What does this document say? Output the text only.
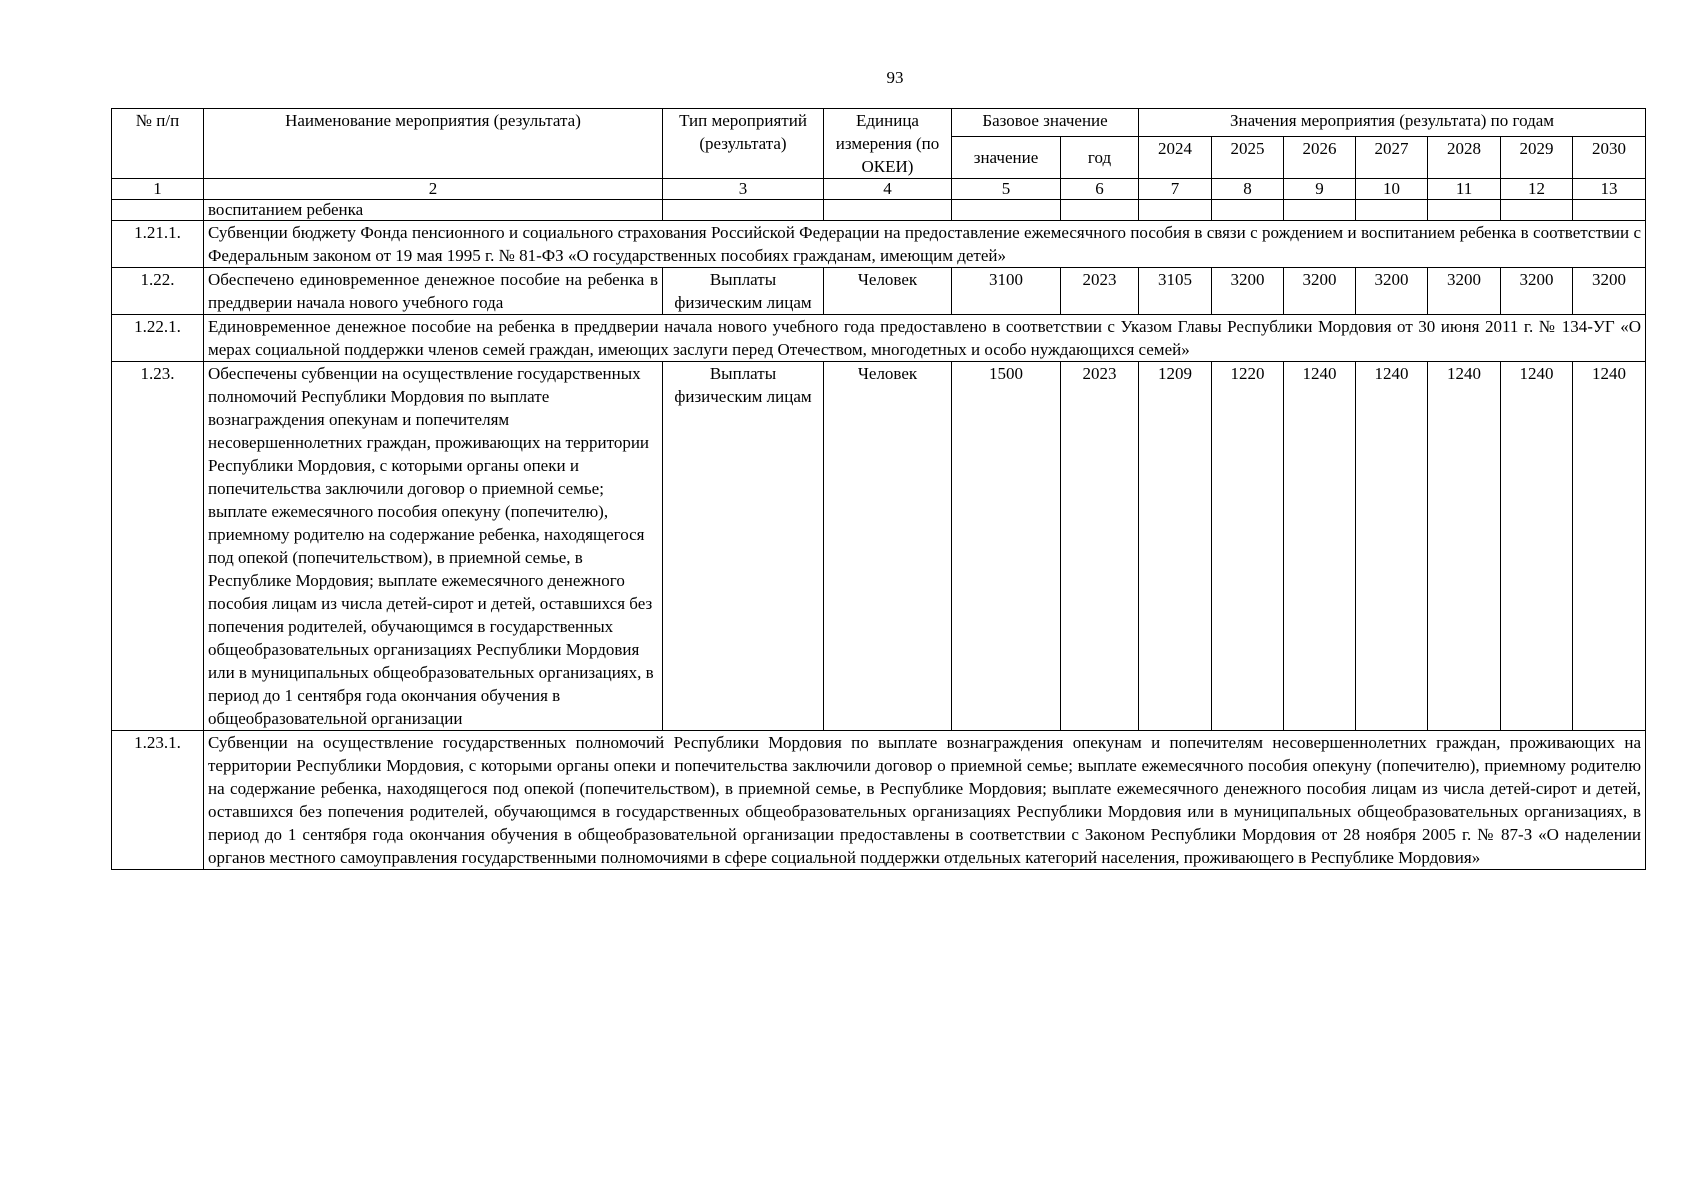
93
№ п/п	Наименование мероприятия (результата)	Тип мероприятий (результата)	Единица измерения (по ОКЕИ)	Базовое значение		Значения мероприятия (результата) по годам						
				значение	год	2024	2025	2026	2027	2028	2029	2030
1	2	3	4	5	6	7	8	9	10	11	12	13
	воспитанием ребенка											
1.21.1.	Субвенции бюджету Фонда пенсионного и социального страхования Российской Федерации на предоставление ежемесячного пособия в связи с рождением и воспитанием ребенка в соответствии с Федеральным законом от 19 мая 1995 г. № 81-ФЗ «О государственных пособиях гражданам, имеющим детей»											
1.22.	Обеспечено единовременное денежное пособие на ребенка в преддверии начала нового учебного года	Выплаты физическим лицам	Человек	3100	2023	3105	3200	3200	3200	3200	3200	3200
1.22.1.	Единовременное денежное пособие на ребенка в преддверии начала нового учебного года предоставлено в соответствии с Указом Главы Республики Мордовия от 30 июня 2011 г. № 134-УГ «О мерах социальной поддержки членов семей граждан, имеющих заслуги перед Отечеством, многодетных и особо нуждающихся семей»											
1.23.	Обеспечены субвенции на осуществление государственных полномочий Республики Мордовия по выплате вознаграждения опекунам и попечителям несовершеннолетних граждан, проживающих на территории Республики Мордовия, с которыми органы опеки и попечительства заключили договор о приемной семье; выплате ежемесячного пособия опекуну (попечителю), приемному родителю на содержание ребенка, находящегося под опекой (попечительством), в приемной семье, в Республике Мордовия; выплате ежемесячного денежного пособия лицам из числа детей-сирот и детей, оставшихся без попечения родителей, обучающимся в государственных общеобразовательных организациях Республики Мордовия или в муниципальных общеобразовательных организациях, в период до 1 сентября года окончания обучения в общеобразовательной организации	Выплаты физическим лицам	Человек	1500	2023	1209	1220	1240	1240	1240	1240	1240
1.23.1.	Субвенции на осуществление государственных полномочий Республики Мордовия по выплате вознаграждения опекунам и попечителям несовершеннолетних граждан, проживающих на территории Республики Мордовия, с которыми органы опеки и попечительства заключили договор о приемной семье; выплате ежемесячного пособия опекуну (попечителю), приемному родителю на содержание ребенка, находящегося под опекой (попечительством), в приемной семье, в Республике Мордовия; выплате ежемесячного денежного пособия лицам из числа детей-сирот и детей, оставшихся без попечения родителей, обучающимся в государственных общеобразовательных организациях Республики Мордовия или в муниципальных общеобразовательных организациях, в период до 1 сентября года окончания обучения в общеобразовательной организации предоставлены в соответствии с Законом Республики Мордовия от 28 ноября 2005 г. № 87-З «О наделении органов местного самоуправления государственными полномочиями в сфере социальной поддержки отдельных категорий населения, проживающего в Республике Мордовия»											
